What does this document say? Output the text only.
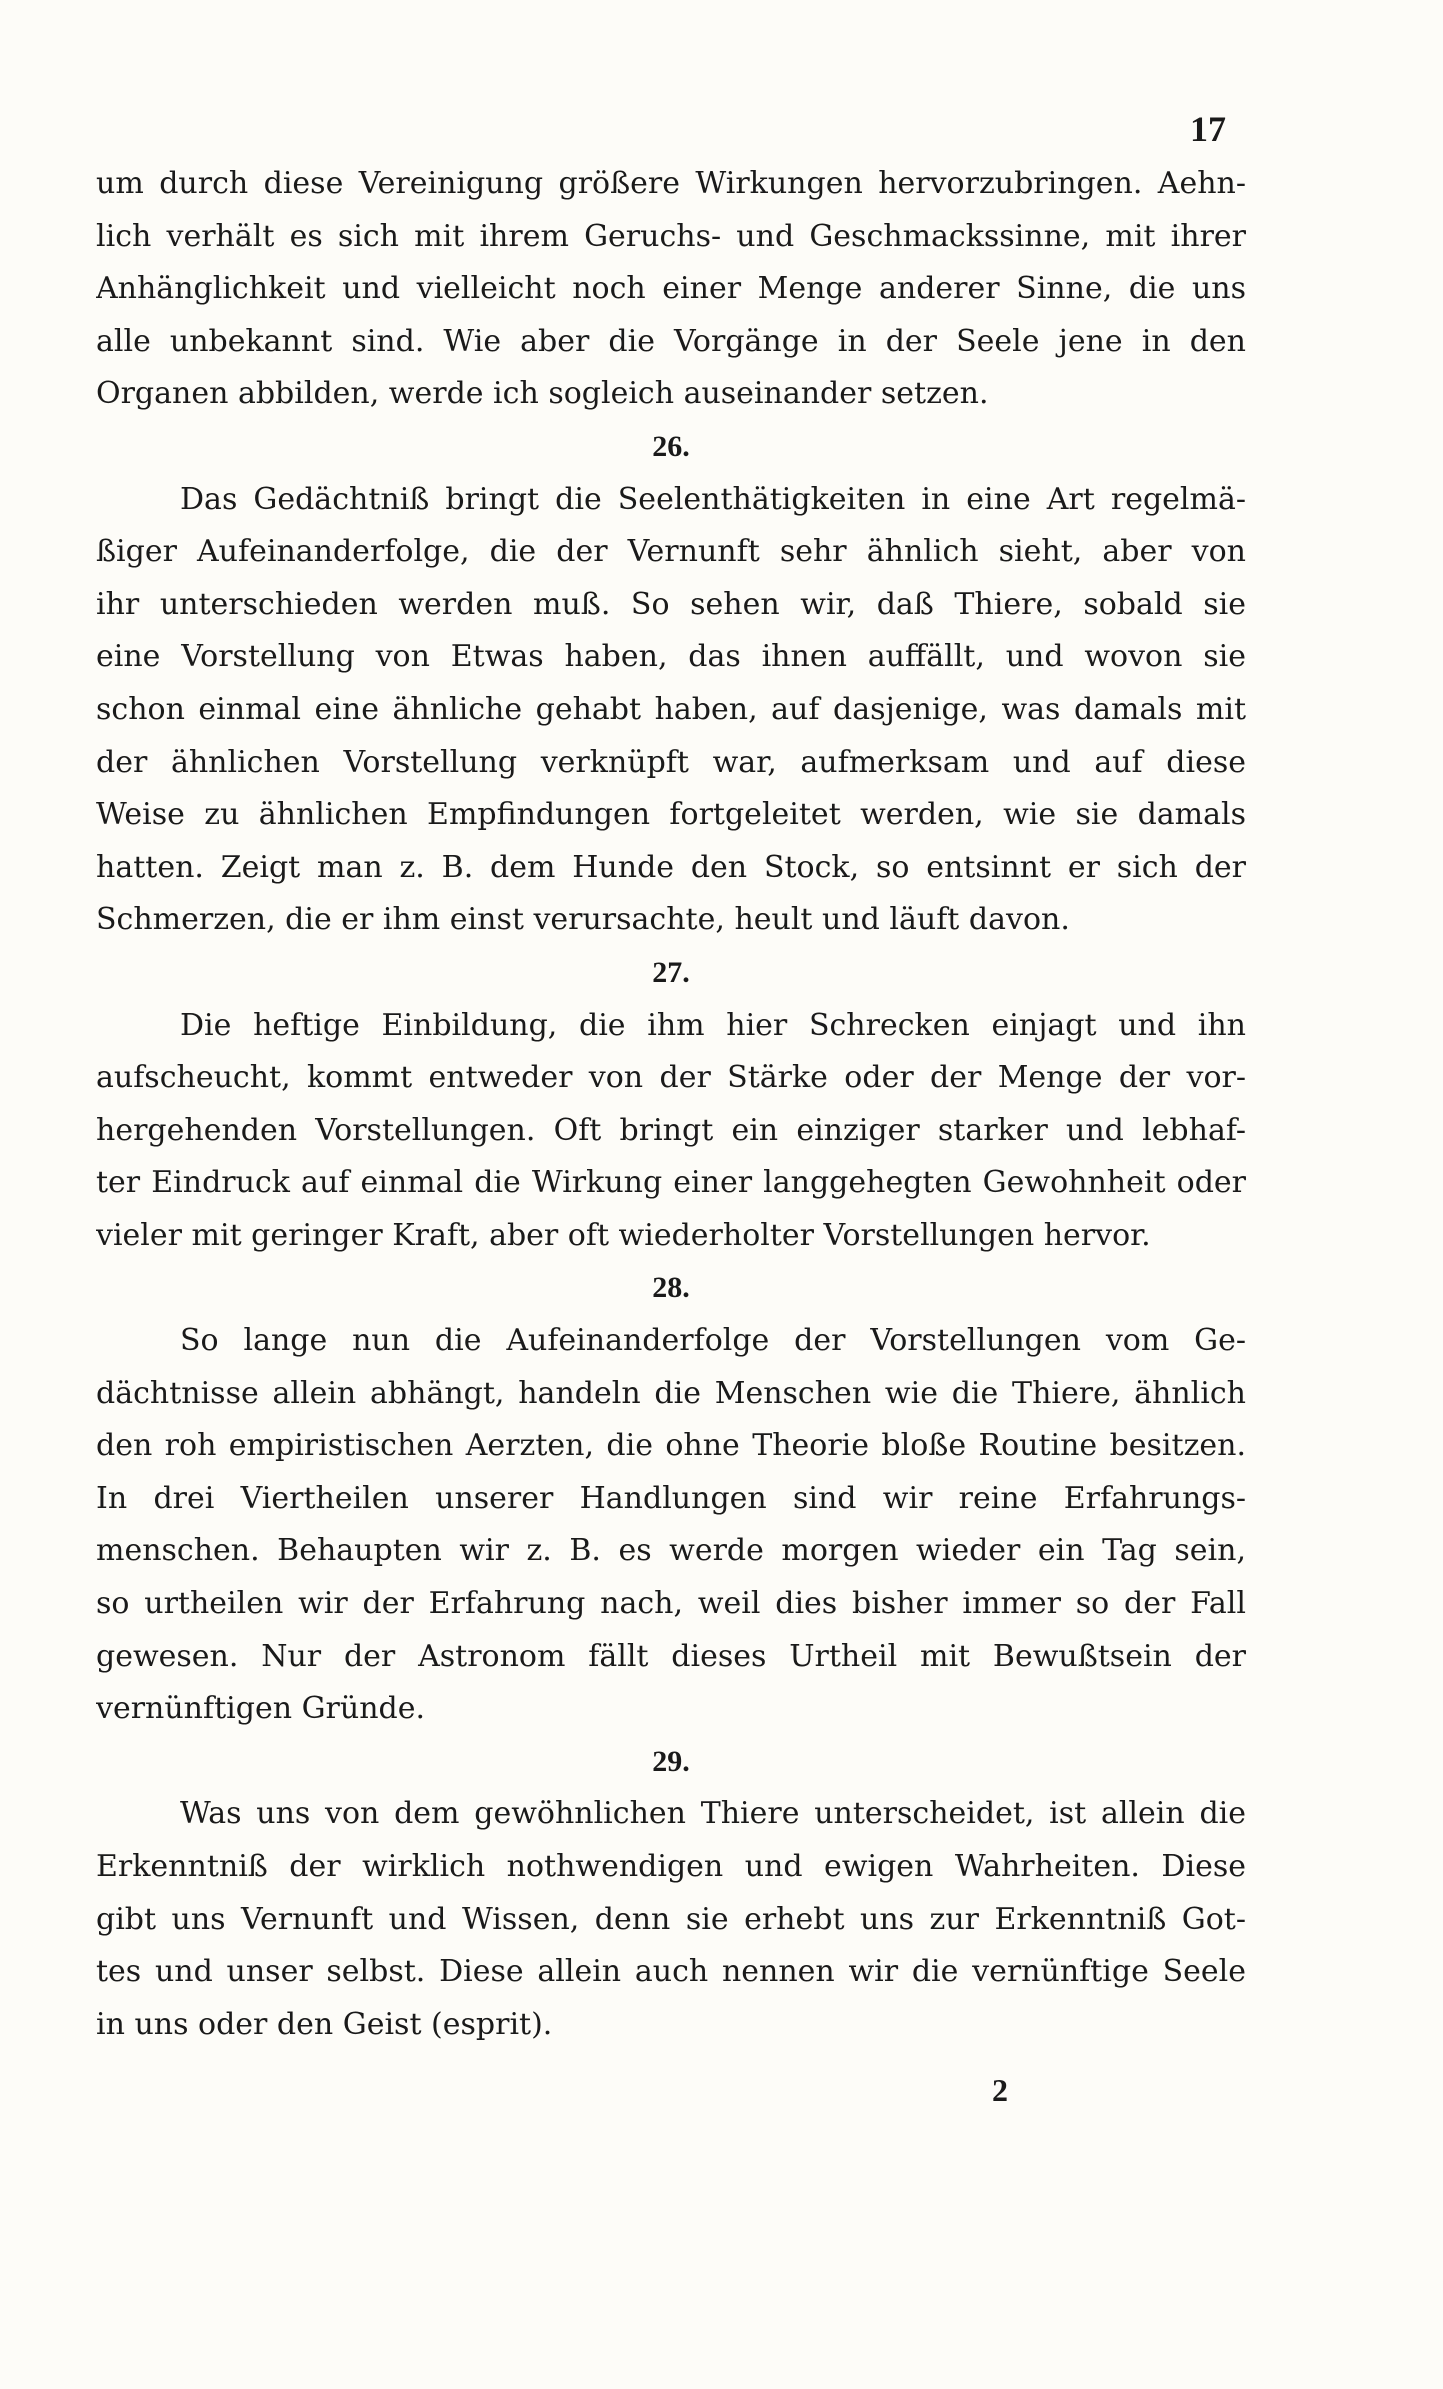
17
um durch diese Vereinigung größere Wirkungen hervorzubringen. Aehn-
lich verhält es sich mit ihrem Geruchs- und Geschmackssinne, mit ihrer
Anhänglichkeit und vielleicht noch einer Menge anderer Sinne, die uns
alle unbekannt sind. Wie aber die Vorgänge in der Seele jene in den
Organen abbilden, werde ich sogleich auseinander setzen.
26.
Das Gedächtniß bringt die Seelenthätigkeiten in eine Art regelmä-
ßiger Aufeinanderfolge, die der Vernunft sehr ähnlich sieht, aber von
ihr unterschieden werden muß. So sehen wir, daß Thiere, sobald sie
eine Vorstellung von Etwas haben, das ihnen auffällt, und wovon sie
schon einmal eine ähnliche gehabt haben, auf dasjenige, was damals mit
der ähnlichen Vorstellung verknüpft war, aufmerksam und auf diese
Weise zu ähnlichen Empfindungen fortgeleitet werden, wie sie damals
hatten. Zeigt man z. B. dem Hunde den Stock, so entsinnt er sich der
Schmerzen, die er ihm einst verursachte, heult und läuft davon.
27.
Die heftige Einbildung, die ihm hier Schrecken einjagt und ihn
aufscheucht, kommt entweder von der Stärke oder der Menge der vor-
hergehenden Vorstellungen. Oft bringt ein einziger starker und lebhaf-
ter Eindruck auf einmal die Wirkung einer langgehegten Gewohnheit oder
vieler mit geringer Kraft, aber oft wiederholter Vorstellungen hervor.
28.
So lange nun die Aufeinanderfolge der Vorstellungen vom Ge-
dächtnisse allein abhängt, handeln die Menschen wie die Thiere, ähnlich
den roh empiristischen Aerzten, die ohne Theorie bloße Routine besitzen.
In drei Viertheilen unserer Handlungen sind wir reine Erfahrungs-
menschen. Behaupten wir z. B. es werde morgen wieder ein Tag sein,
so urtheilen wir der Erfahrung nach, weil dies bisher immer so der Fall
gewesen. Nur der Astronom fällt dieses Urtheil mit Bewußtsein der
vernünftigen Gründe.
29.
Was uns von dem gewöhnlichen Thiere unterscheidet, ist allein die
Erkenntniß der wirklich nothwendigen und ewigen Wahrheiten. Diese
gibt uns Vernunft und Wissen, denn sie erhebt uns zur Erkenntniß Got-
tes und unser selbst. Diese allein auch nennen wir die vernünftige Seele
in uns oder den Geist (esprit).
2
